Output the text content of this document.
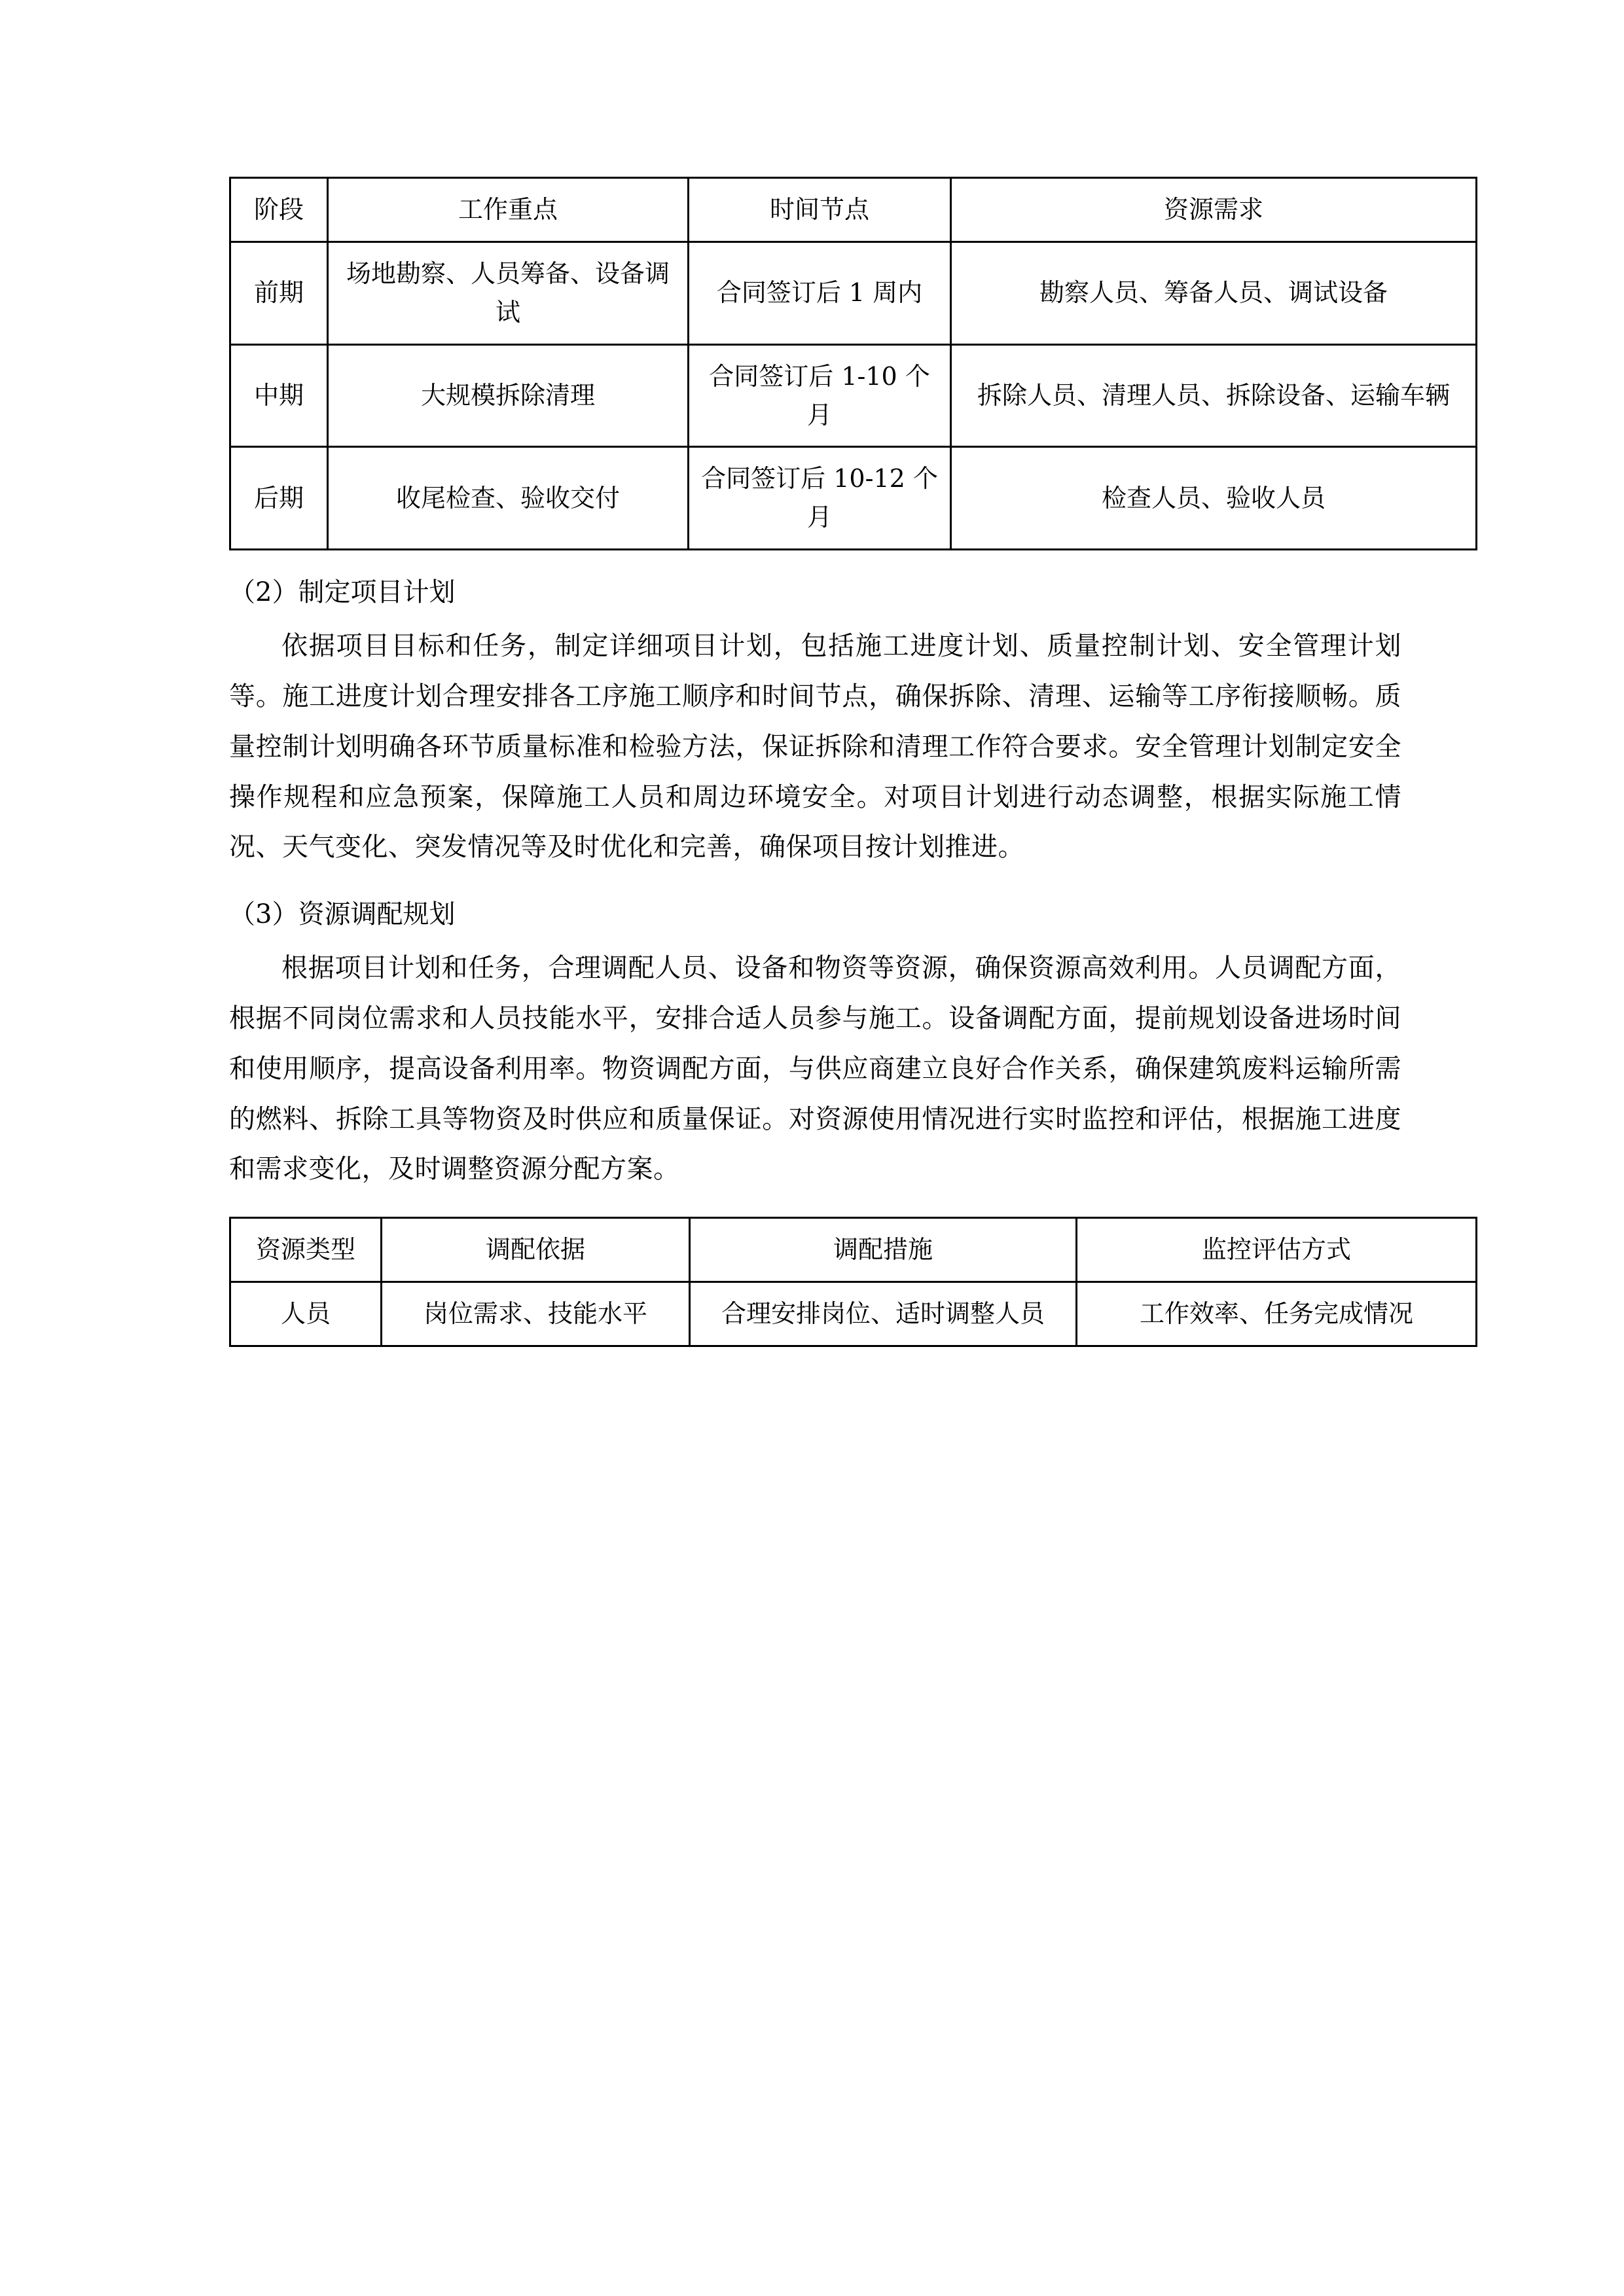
阶段	工作重点	时间节点	资源需求
前期	场地勘察、人员筹备、设备调试	合同签订后 1 周内	勘察人员、筹备人员、调试设备
中期	大规模拆除清理	合同签订后 1-10 个月	拆除人员、清理人员、拆除设备、运输车辆
后期	收尾检查、验收交付	合同签订后 10-12 个月	检查人员、验收人员

（2）制定项目计划

依据项目目标和任务，制定详细项目计划，包括施工进度计划、质量控制计划、安全管理计划等。施工进度计划合理安排各工序施工顺序和时间节点，确保拆除、清理、运输等工序衔接顺畅。质量控制计划明确各环节质量标准和检验方法，保证拆除和清理工作符合要求。安全管理计划制定安全操作规程和应急预案，保障施工人员和周边环境安全。对项目计划进行动态调整，根据实际施工情况、天气变化、突发情况等及时优化和完善，确保项目按计划推进。

（3）资源调配规划

根据项目计划和任务，合理调配人员、设备和物资等资源，确保资源高效利用。人员调配方面，根据不同岗位需求和人员技能水平，安排合适人员参与施工。设备调配方面，提前规划设备进场时间和使用顺序，提高设备利用率。物资调配方面，与供应商建立良好合作关系，确保建筑废料运输所需的燃料、拆除工具等物资及时供应和质量保证。对资源使用情况进行实时监控和评估，根据施工进度和需求变化，及时调整资源分配方案。

资源类型	调配依据	调配措施	监控评估方式
人员	岗位需求、技能水平	合理安排岗位、适时调整人员	工作效率、任务完成情况
